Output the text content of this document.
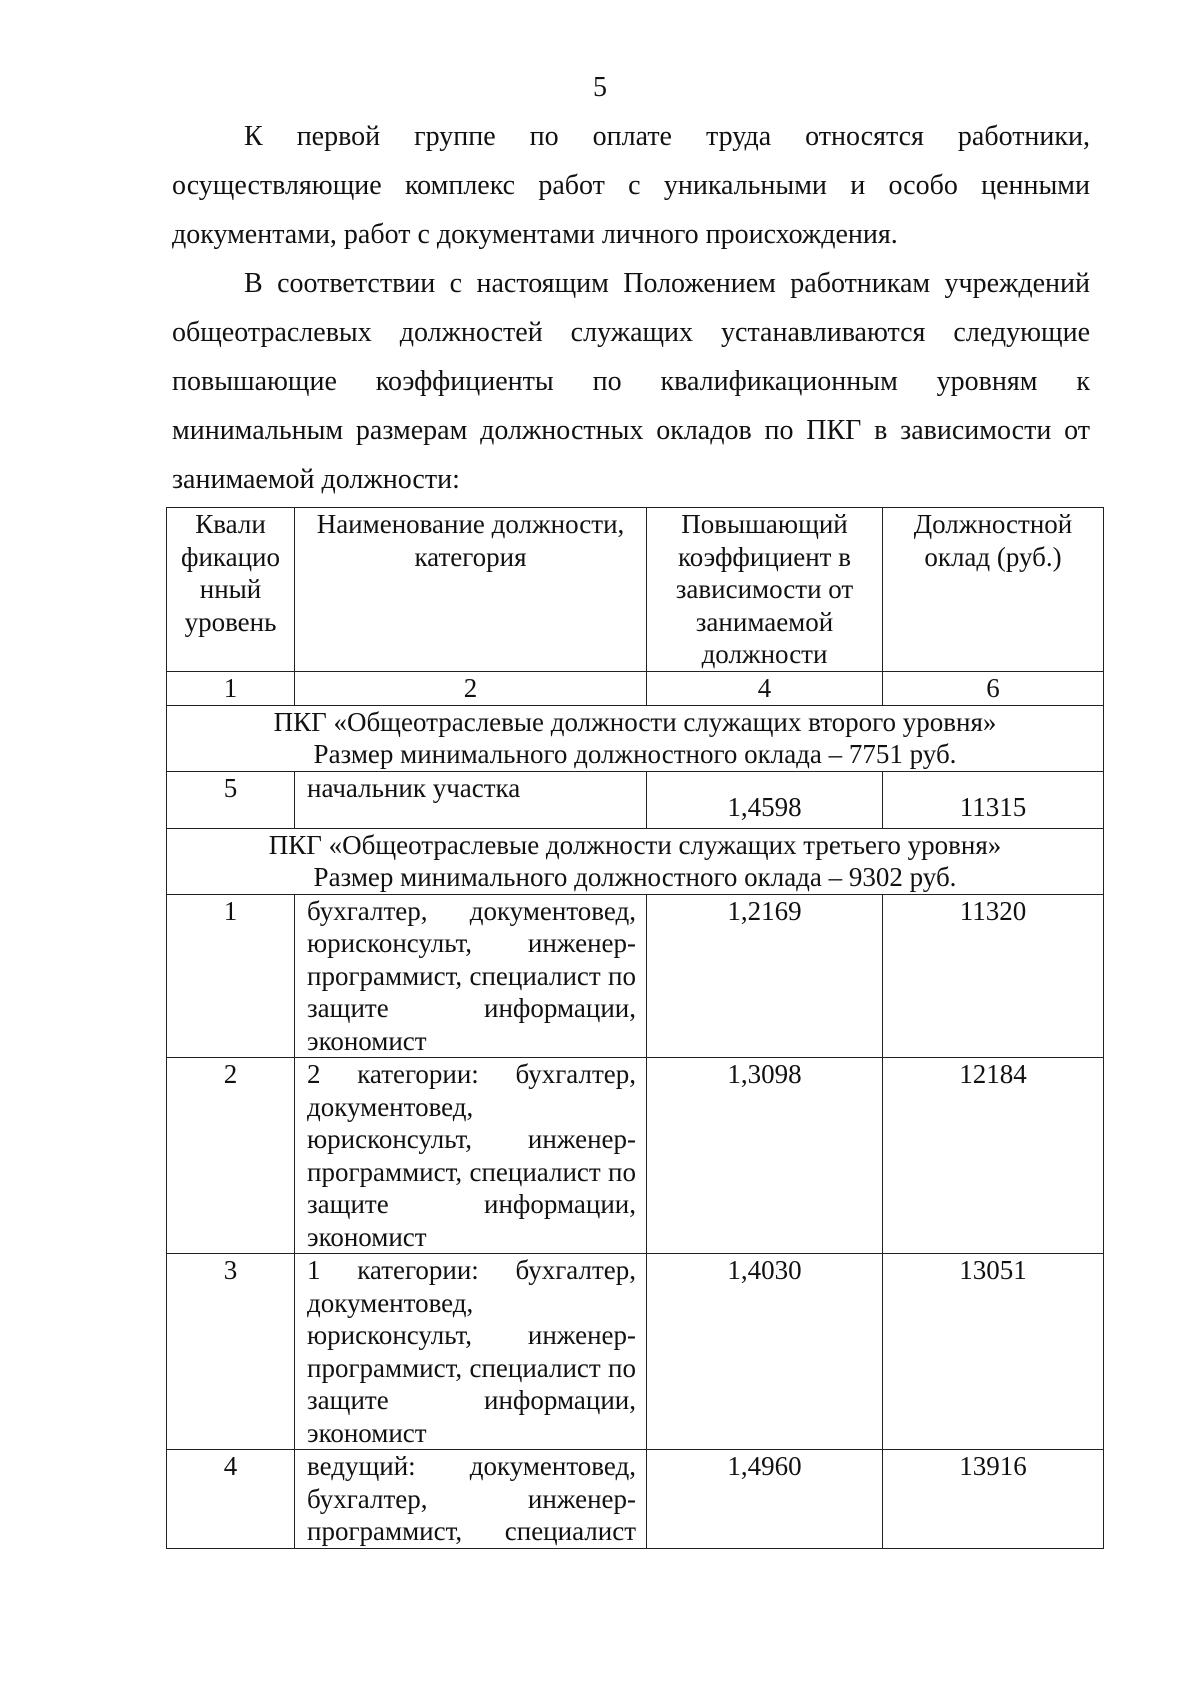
5

К первой группе по оплате труда относятся работники, осуществляющие комплекс работ с уникальными и особо ценными документами, работ с документами личного происхождения.

В соответствии с настоящим Положением работникам учреждений общеотраслевых должностей служащих устанавливаются следующие повышающие коэффициенты по квалификационным уровням к минимальным размерам должностных окладов по ПКГ в зависимости от занимаемой должности:

Квали фикацио нный уровень	Наименование должности, категория	Повышающий коэффициент в зависимости от занимаемой должности	Должностной оклад (руб.)
1	2	4	6

ПКГ «Общеотраслевые должности служащих второго уровня»
Размер минимального должностного оклада – 7751 руб.			

5	начальник участка	1,4598	11315

ПКГ «Общеотраслевые должности служащих третьего уровня»
Размер минимального должностного оклада – 9302 руб.			

1	бухгалтер, документовед, юрисконсульт, инженер-программист, специалист по защите информации, экономист	1,2169	11320
2	2 категории: бухгалтер, документовед, юрисконсульт, инженер-программист, специалист по защите информации, экономист	1,3098	12184
3	1 категории: бухгалтер, документовед, юрисконсульт, инженер-программист, специалист по защите информации, экономист	1,4030	13051
4	ведущий: документовед, бухгалтер, инженер-программист, специалист	1,4960	13916
